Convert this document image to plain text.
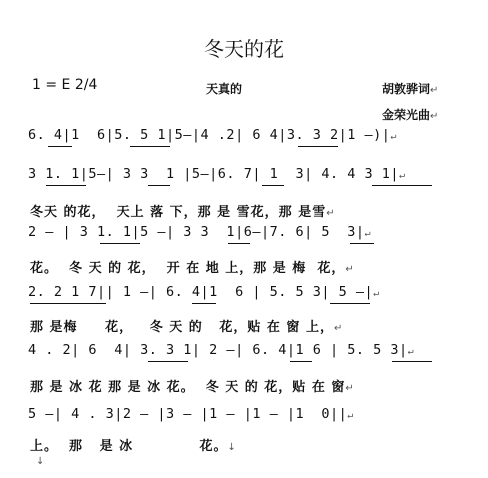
冬天的花
1 = E 2/4	天真的	胡敦骅词↵
金荣光曲↵
6. 4|1  6|5. 5 1|5—|4 .2| 6 4|3. 3 2|1 —)|↵
3 1. 1|5—| 3 3  1 |5—|6. 7| 1  3| 4. 4 3 1|↵
冬天 的花，  天上 落 下，那 是 雪花，那 是雪↵
2 — | 3 1. 1|5 —| 3 3  1|6—|7. 6| 5  3|↵
花。  冬 天 的 花，  开 在 地 上，那 是 梅  花，↵
2. 2 1 7|| 1 —| 6. 4|1  6 | 5. 5 3| 5 —|↵
那 是梅     花，   冬 天 的   花，贴 在 窗 上，↵
4 . 2| 6  4| 3. 3 1| 2 —| 6. 4|1 6 | 5. 5 3|↵
那 是 冰 花 那 是 冰 花。  冬 天 的 花，贴 在 窗↵
5 —| 4 . 3|2 — |3 — |1 — |1 — |1  0||↵
上。  那   是 冰            花。↓
↓
